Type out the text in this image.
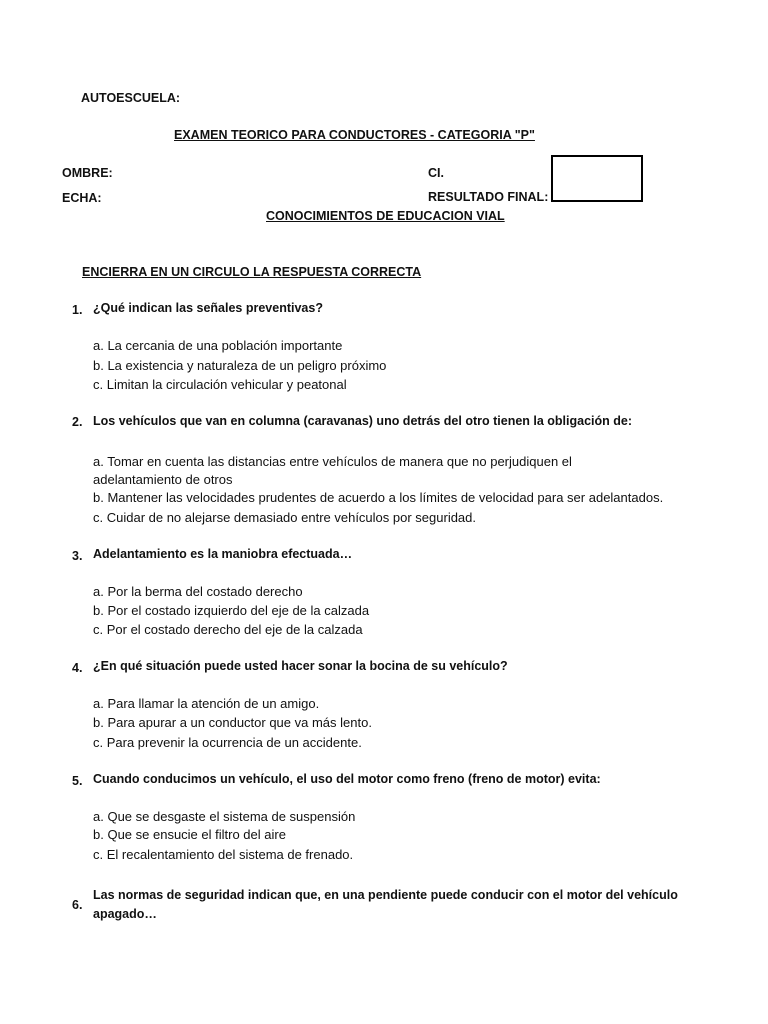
AUTOESCUELA:
EXAMEN TEORICO PARA CONDUCTORES - CATEGORIA "P"
OMBRE:	CI.
ECHA:	RESULTADO FINAL:
CONOCIMIENTOS DE EDUCACION VIAL
ENCIERRA EN UN CIRCULO LA RESPUESTA CORRECTA
1. ¿Qué indican las señales preventivas?
a. La cercania de una población importante
b. La existencia y naturaleza de un peligro próximo
c. Limitan la circulación vehicular y peatonal
2. Los vehículos que van en columna (caravanas) uno detrás del otro tienen la obligación de:
a. Tomar en cuenta las distancias entre vehículos de manera que no perjudiquen el
adelantamiento de otros
b. Mantener las velocidades prudentes de acuerdo a los límites de velocidad para ser adelantados.
c. Cuidar de no alejarse demasiado entre vehículos por seguridad.
3. Adelantamiento es la maniobra efectuada…
a. Por la berma del costado derecho
b. Por el costado izquierdo del eje de la calzada
c. Por el costado derecho del eje de la calzada
4. ¿En qué situación puede usted hacer sonar la bocina de su vehículo?
a. Para llamar la atención de un amigo.
b. Para apurar a un conductor que va más lento.
c. Para prevenir la ocurrencia de un accidente.
5. Cuando conducimos un vehículo, el uso del motor como freno (freno de motor) evita:
a. Que se desgaste el sistema de suspensión
b. Que se ensucie el filtro del aire
c. El recalentamiento del sistema de frenado.
6.
Las normas de seguridad indican que, en una pendiente puede conducir con el motor del vehículo
apagado…
